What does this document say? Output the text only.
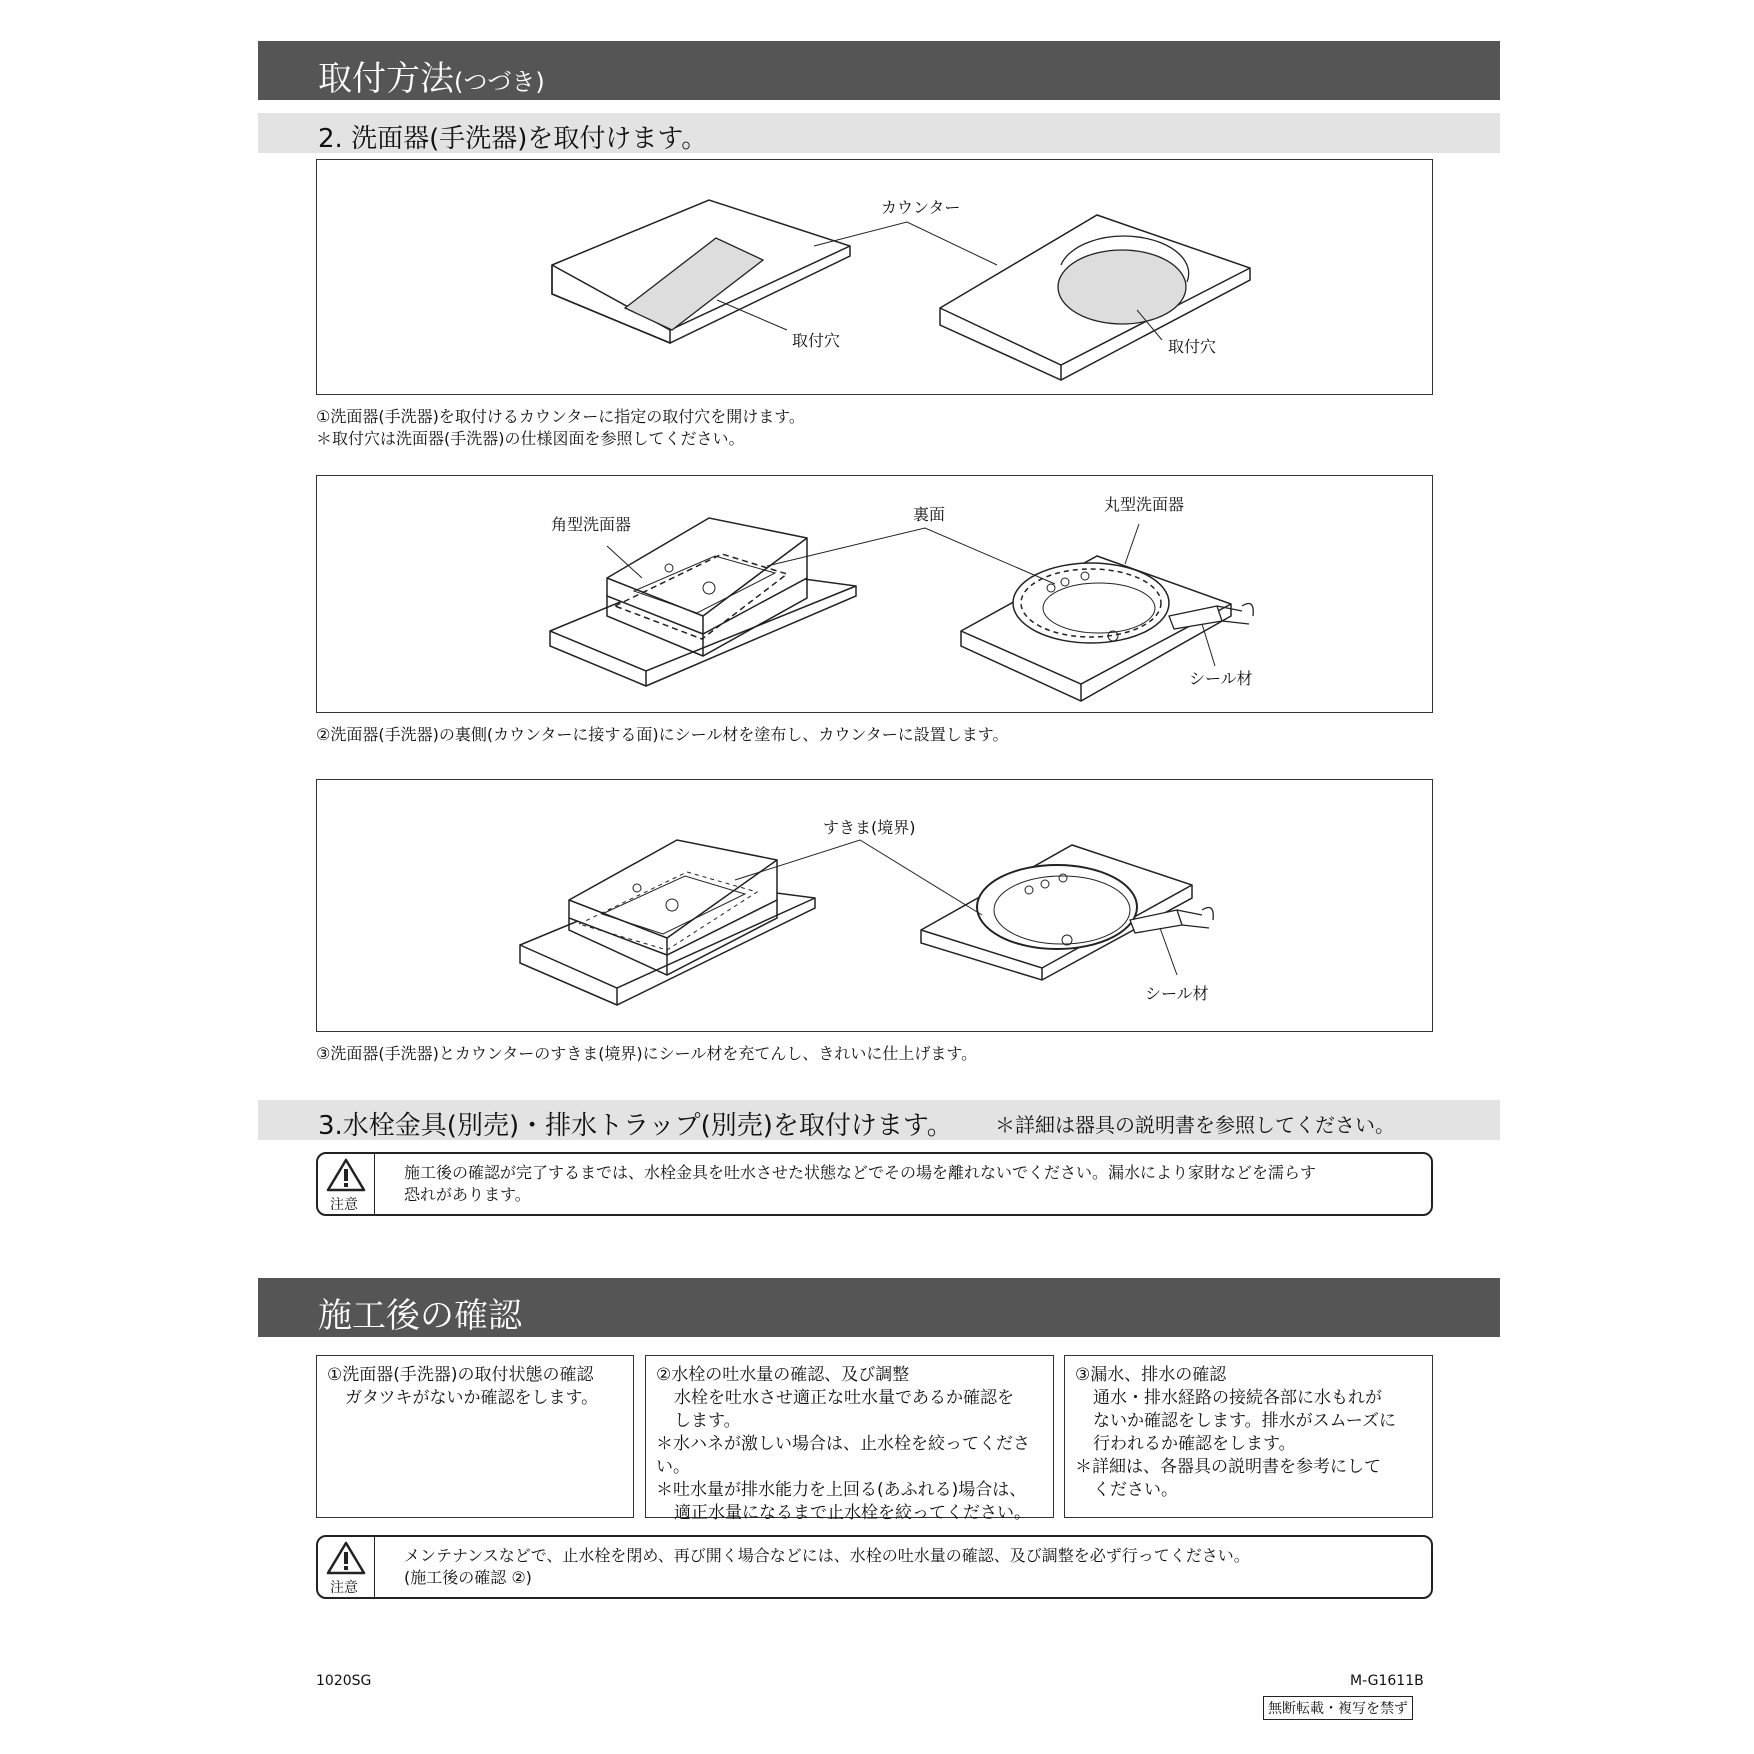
取付方法(つづき)
2. 洗面器(手洗器)を取付けます。
カウンター
取付穴	取付穴
①洗面器(手洗器)を取付けるカウンターに指定の取付穴を開けます。
＊取付穴は洗面器(手洗器)の仕様図面を参照してください。
角型洗面器
裏面
丸型洗面器
シール材
②洗面器(手洗器)の裏側(カウンターに接する面)にシール材を塗布し、カウンターに設置します。
すきま(境界)
シール材
③洗面器(手洗器)とカウンターのすきま(境界)にシール材を充てんし、きれいに仕上げます。
3.水栓金具(別売)・排水トラップ(別売)を取付けます。 ＊詳細は器具の説明書を参照してください。
注意
施工後の確認が完了するまでは、水栓金具を吐水させた状態などでその場を離れないでください。漏水により家財などを濡らす
恐れがあります。
施工後の確認
①洗面器(手洗器)の取付状態の確認
ガタツキがないか確認をします。
②水栓の吐水量の確認、及び調整
水栓を吐水させ適正な吐水量であるか確認を
します。
＊水ハネが激しい場合は、止水栓を絞ってください。
＊吐水量が排水能力を上回る(あふれる)場合は、
適正水量になるまで止水栓を絞ってください。
③漏水、排水の確認
通水・排水経路の接続各部に水もれが
ないか確認をします。排水がスムーズに
行われるか確認をします。
＊詳細は、各器具の説明書を参考にして
ください。
注意
メンテナンスなどで、止水栓を閉め、再び開く場合などには、水栓の吐水量の確認、及び調整を必ず行ってください。
(施工後の確認 ②)
1020SG	M-G1611B
無断転載・複写を禁ず
